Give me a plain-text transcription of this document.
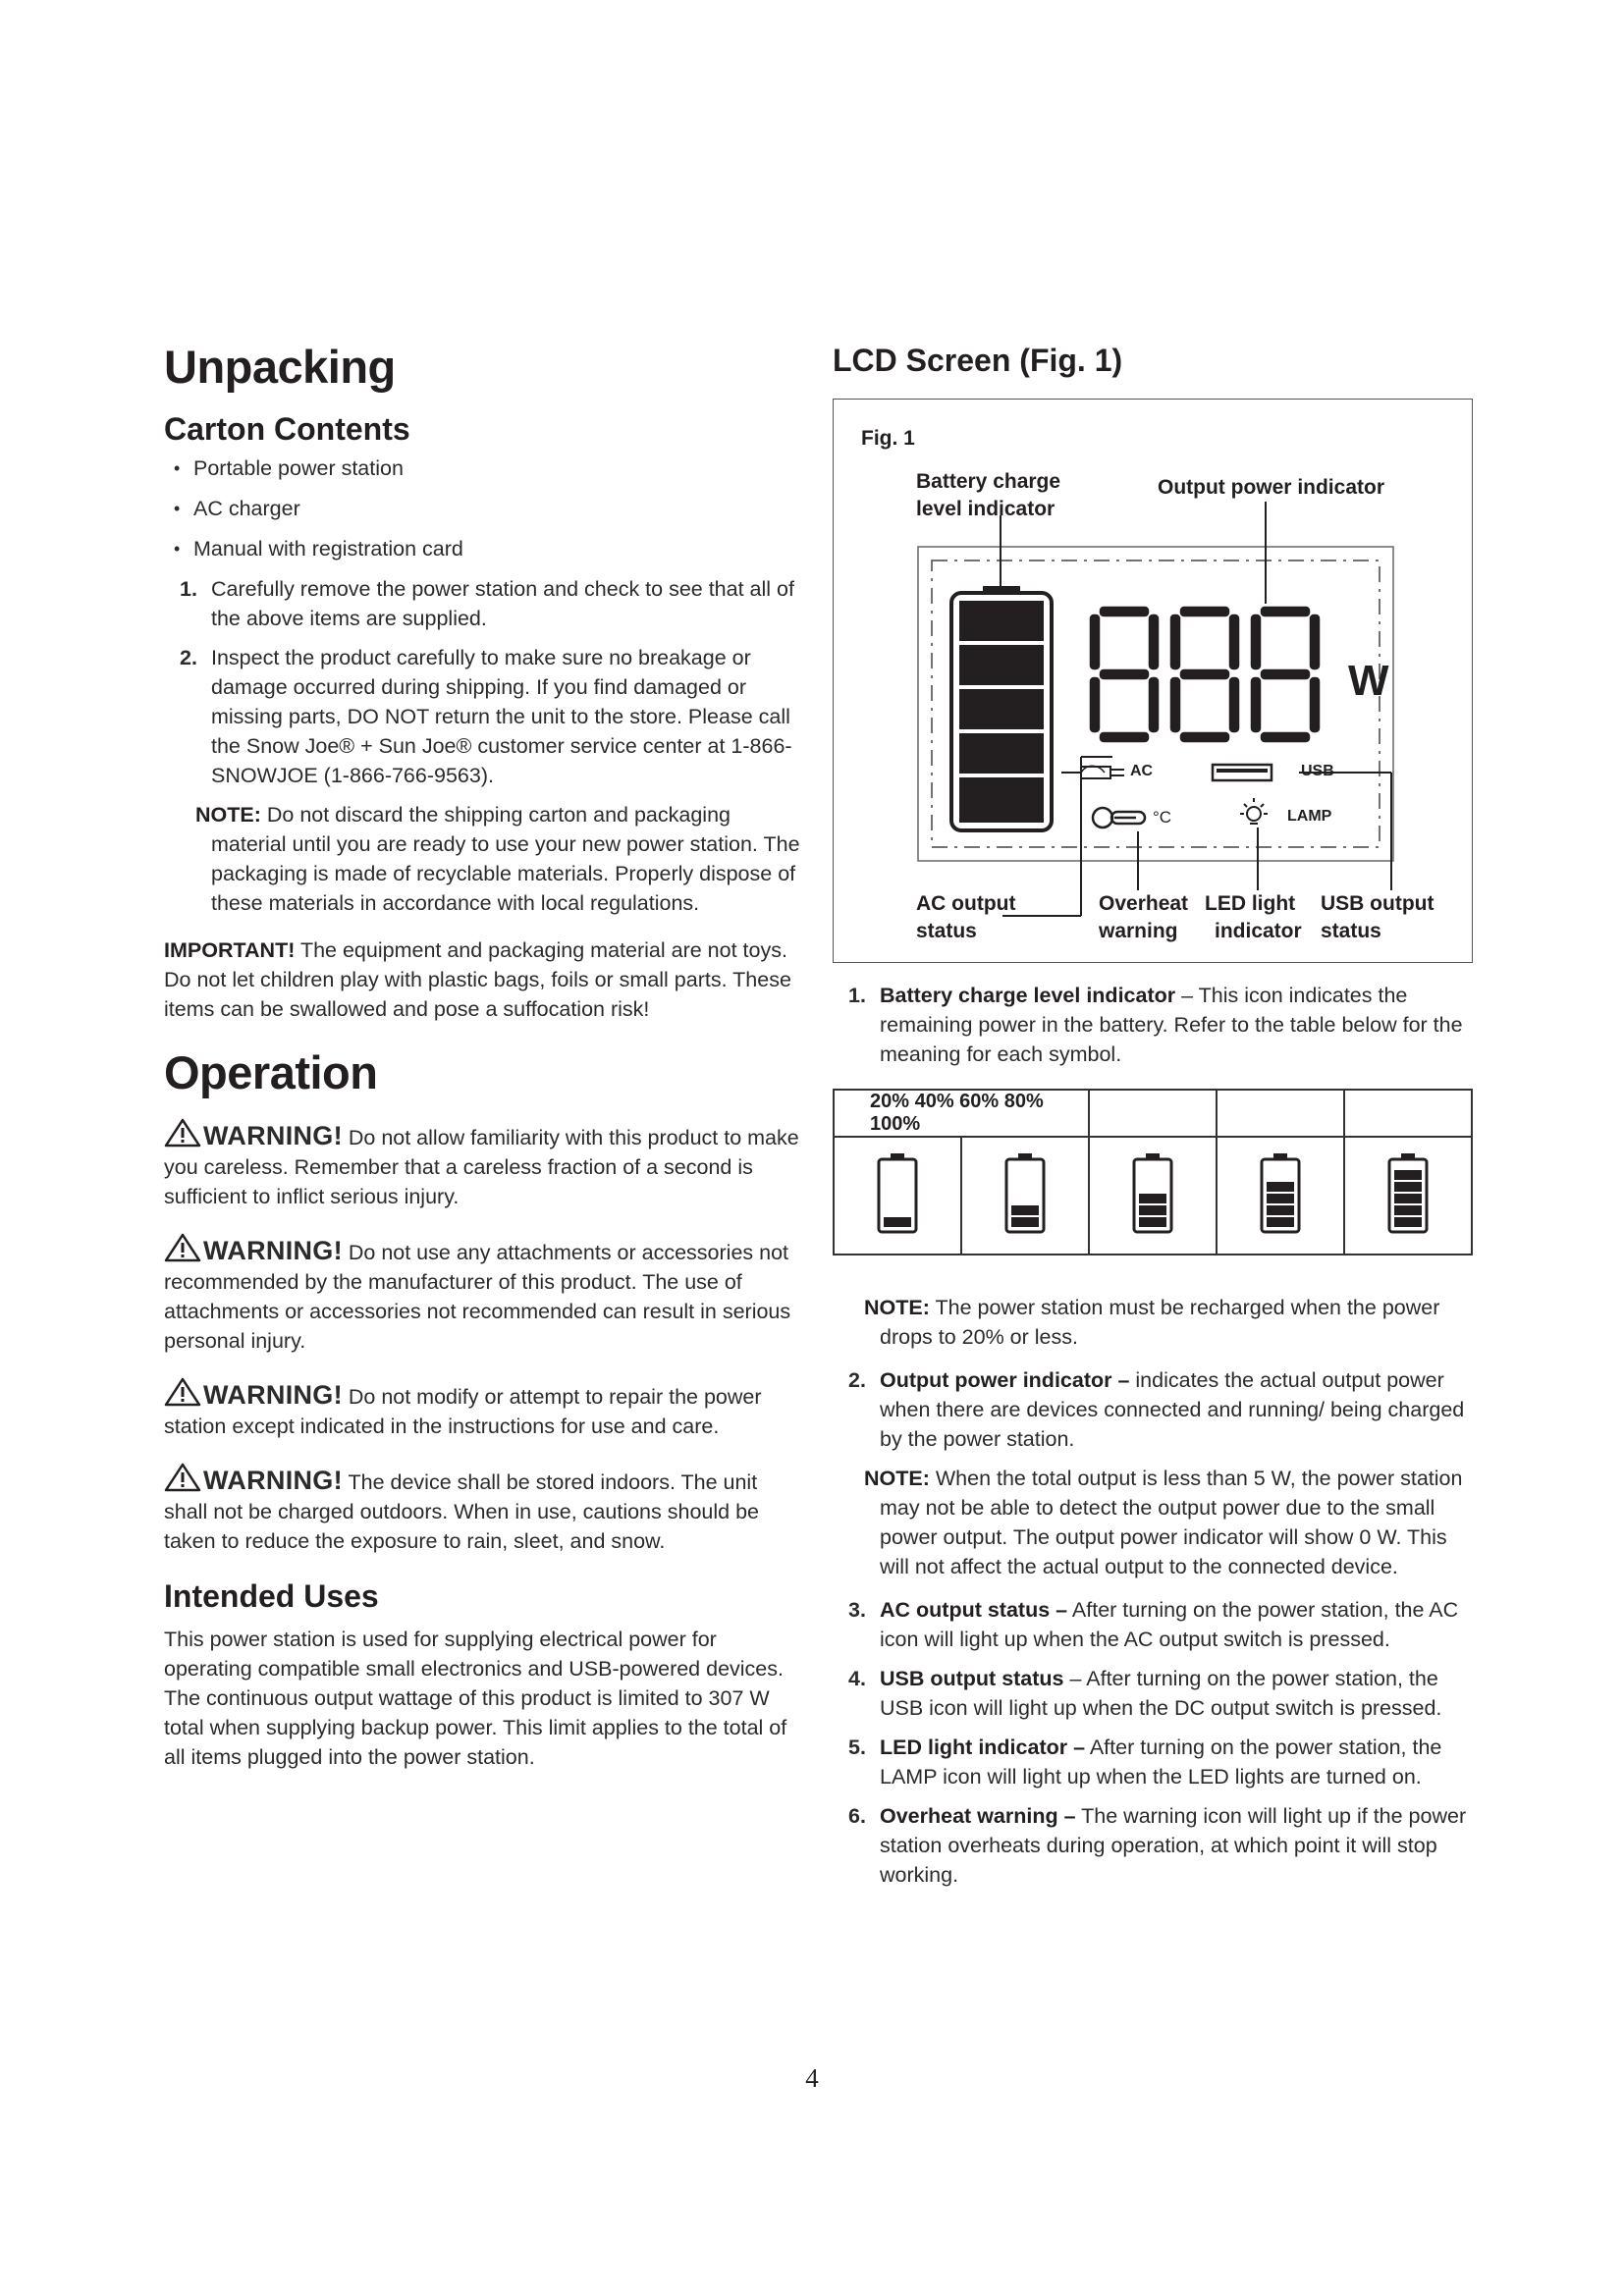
Unpacking
Carton Contents
• Portable power station
• AC charger
• Manual with registration card
1. Carefully remove the power station and check to see that all of the above items are supplied.
2. Inspect the product carefully to make sure no breakage or damage occurred during shipping. If you find damaged or missing parts, DO NOT return the unit to the store. Please call the Snow Joe® + Sun Joe® customer service center at 1-866-SNOWJOE (1-866-766-9563).
NOTE: Do not discard the shipping carton and packaging material until you are ready to use your new power station. The packaging is made of recyclable materials. Properly dispose of these materials in accordance with local regulations.
IMPORTANT! The equipment and packaging material are not toys. Do not let children play with plastic bags, foils or small parts. These items can be swallowed and pose a suffocation risk!
Operation
WARNING! Do not allow familiarity with this product to make you careless. Remember that a careless fraction of a second is sufficient to inflict serious injury.
WARNING! Do not use any attachments or accessories not recommended by the manufacturer of this product. The use of attachments or accessories not recommended can result in serious personal injury.
WARNING! Do not modify or attempt to repair the power station except indicated in the instructions for use and care.
WARNING! The device shall be stored indoors. The unit shall not be charged outdoors. When in use, cautions should be taken to reduce the exposure to rain, sleet, and snow.
Intended Uses
This power station is used for supplying electrical power for operating compatible small electronics and USB-powered devices. The continuous output wattage of this product is limited to 307 W total when supplying backup power. This limit applies to the total of all items plugged into the power station.
LCD Screen (Fig. 1)
Fig. 1
Battery charge
level indicator
Output power indicator
W
AC	USB
°C	LAMP
AC output
status
Overheat
warning
LED light
indicator
USB output
status
1. Battery charge level indicator – This icon indicates the remaining power in the battery. Refer to the table below for the meaning for each symbol.
20% 40% 60% 80% 100%				

NOTE: The power station must be recharged when the power drops to 20% or less.
2. Output power indicator – indicates the actual output power when there are devices connected and running/ being charged by the power station.
NOTE: When the total output is less than 5 W, the power station may not be able to detect the output power due to the small power output. The output power indicator will show 0 W. This will not affect the actual output to the connected device.
3. AC output status – After turning on the power station, the AC icon will light up when the AC output switch is pressed.
4. USB output status – After turning on the power station, the USB icon will light up when the DC output switch is pressed.
5. LED light indicator – After turning on the power station, the LAMP icon will light up when the LED lights are turned on.
6. Overheat warning – The warning icon will light up if the power station overheats during operation, at which point it will stop working.
4
